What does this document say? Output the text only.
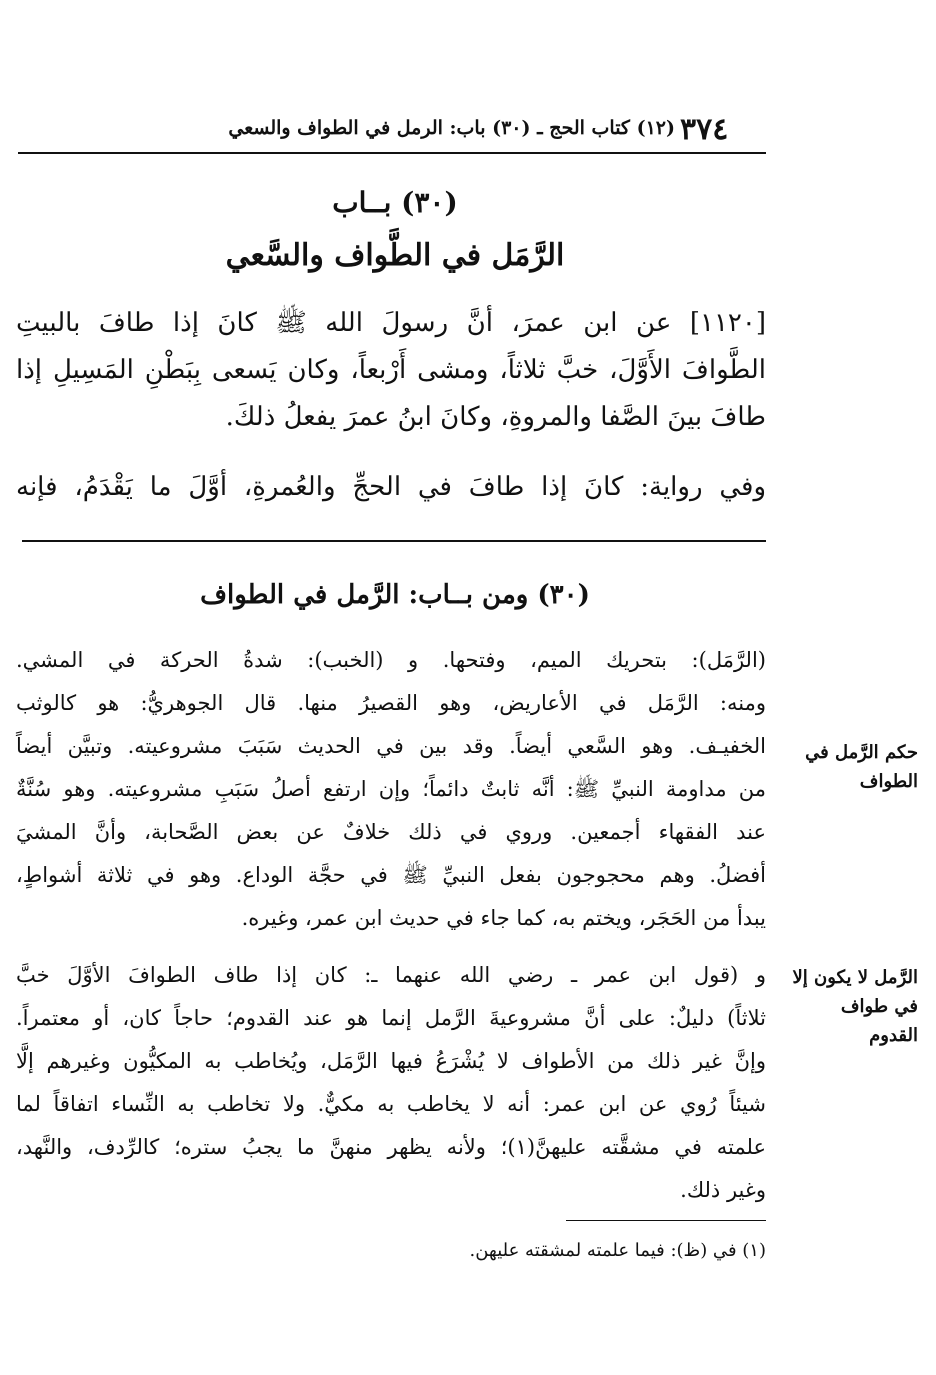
٣٧٤
(١٢) كتاب الحج ـ (٣٠) باب: الرمل في الطواف والسعي
(٣٠) بــاب
الرَّمَل في الطَّواف والسَّعي
[١١٢٠] عن ابن عمرَ، أنَّ رسولَ الله ﷺ كانَ إذا طافَ بالبيتِ
الطَّوافَ الأَوَّلَ، خبَّ ثلاثاً، ومشى أَرْبعاً، وكان يَسعى بِبَطْنِ المَسِيلِ إذا
طافَ بينَ الصَّفا والمروةِ، وكانَ ابنُ عمرَ يفعلُ ذلكَ.
وفي رواية: كانَ إذا طافَ في الحجِّ والعُمرةِ، أوَّلَ ما يَقْدَمُ، فإنه
(٣٠) ومن بــاب: الرَّمل في الطواف
(الرَّمَل): بتحريك الميم، وفتحها. و (الخبب): شدةُ الحركة في المشي.
ومنه: الرَّمَل في الأعاريض، وهو القصيرُ منها. قال الجوهريُّ: هو كالوثب
الخفيـف. وهو السَّعي أيضاً. وقد بين في الحديث سَبَبَ مشروعيته. وتبيَّن أيضاً
من مداومة النبيِّ ﷺ: أنَّه ثابتٌ دائماً؛ وإن ارتفع أصلُ سَبَبِ مشروعيته. وهو سُنَّةٌ
عند الفقهاء أجمعين. وروي في ذلك خلافٌ عن بعض الصَّحابة، وأنَّ المشيَ
أفضلُ. وهم محجوجون بفعل النبيِّ ﷺ في حجَّة الوداع. وهو في ثلاثة أشواطٍ،
يبدأ من الحَجَر، ويختم به، كما جاء في حديث ابن عمر، وغيره.
و (قول ابن عمر ـ رضي الله عنهما ـ: كان إذا طاف الطوافَ الأوَّلَ خبَّ
ثلاثاً) دليلٌ: على أنَّ مشروعيةَ الرَّمل إنما هو عند القدوم؛ حاجاً كان، أو معتمراً.
وإنَّ غير ذلك من الأطواف لا يُشْرَعُ فيها الرَّمَل، ويُخاطب به المكيُّون وغيرهم إلَّا
شيئاً رُوي عن ابن عمر: أنه لا يخاطب به مكيٌّ. ولا تخاطب به النِّساء اتفاقاً لما
علمته في مشقَّته عليهنَّ(١)؛ ولأنه يظهر منهنَّ ما يجبُ ستره؛ كالرِّدف، والنَّهد،
وغير ذلك.
حكم الرَّمل في الطواف
الرَّمل لا يكون إلا في طواف القدوم
(١) في (ظ): فيما علمته لمشقته عليهن.
